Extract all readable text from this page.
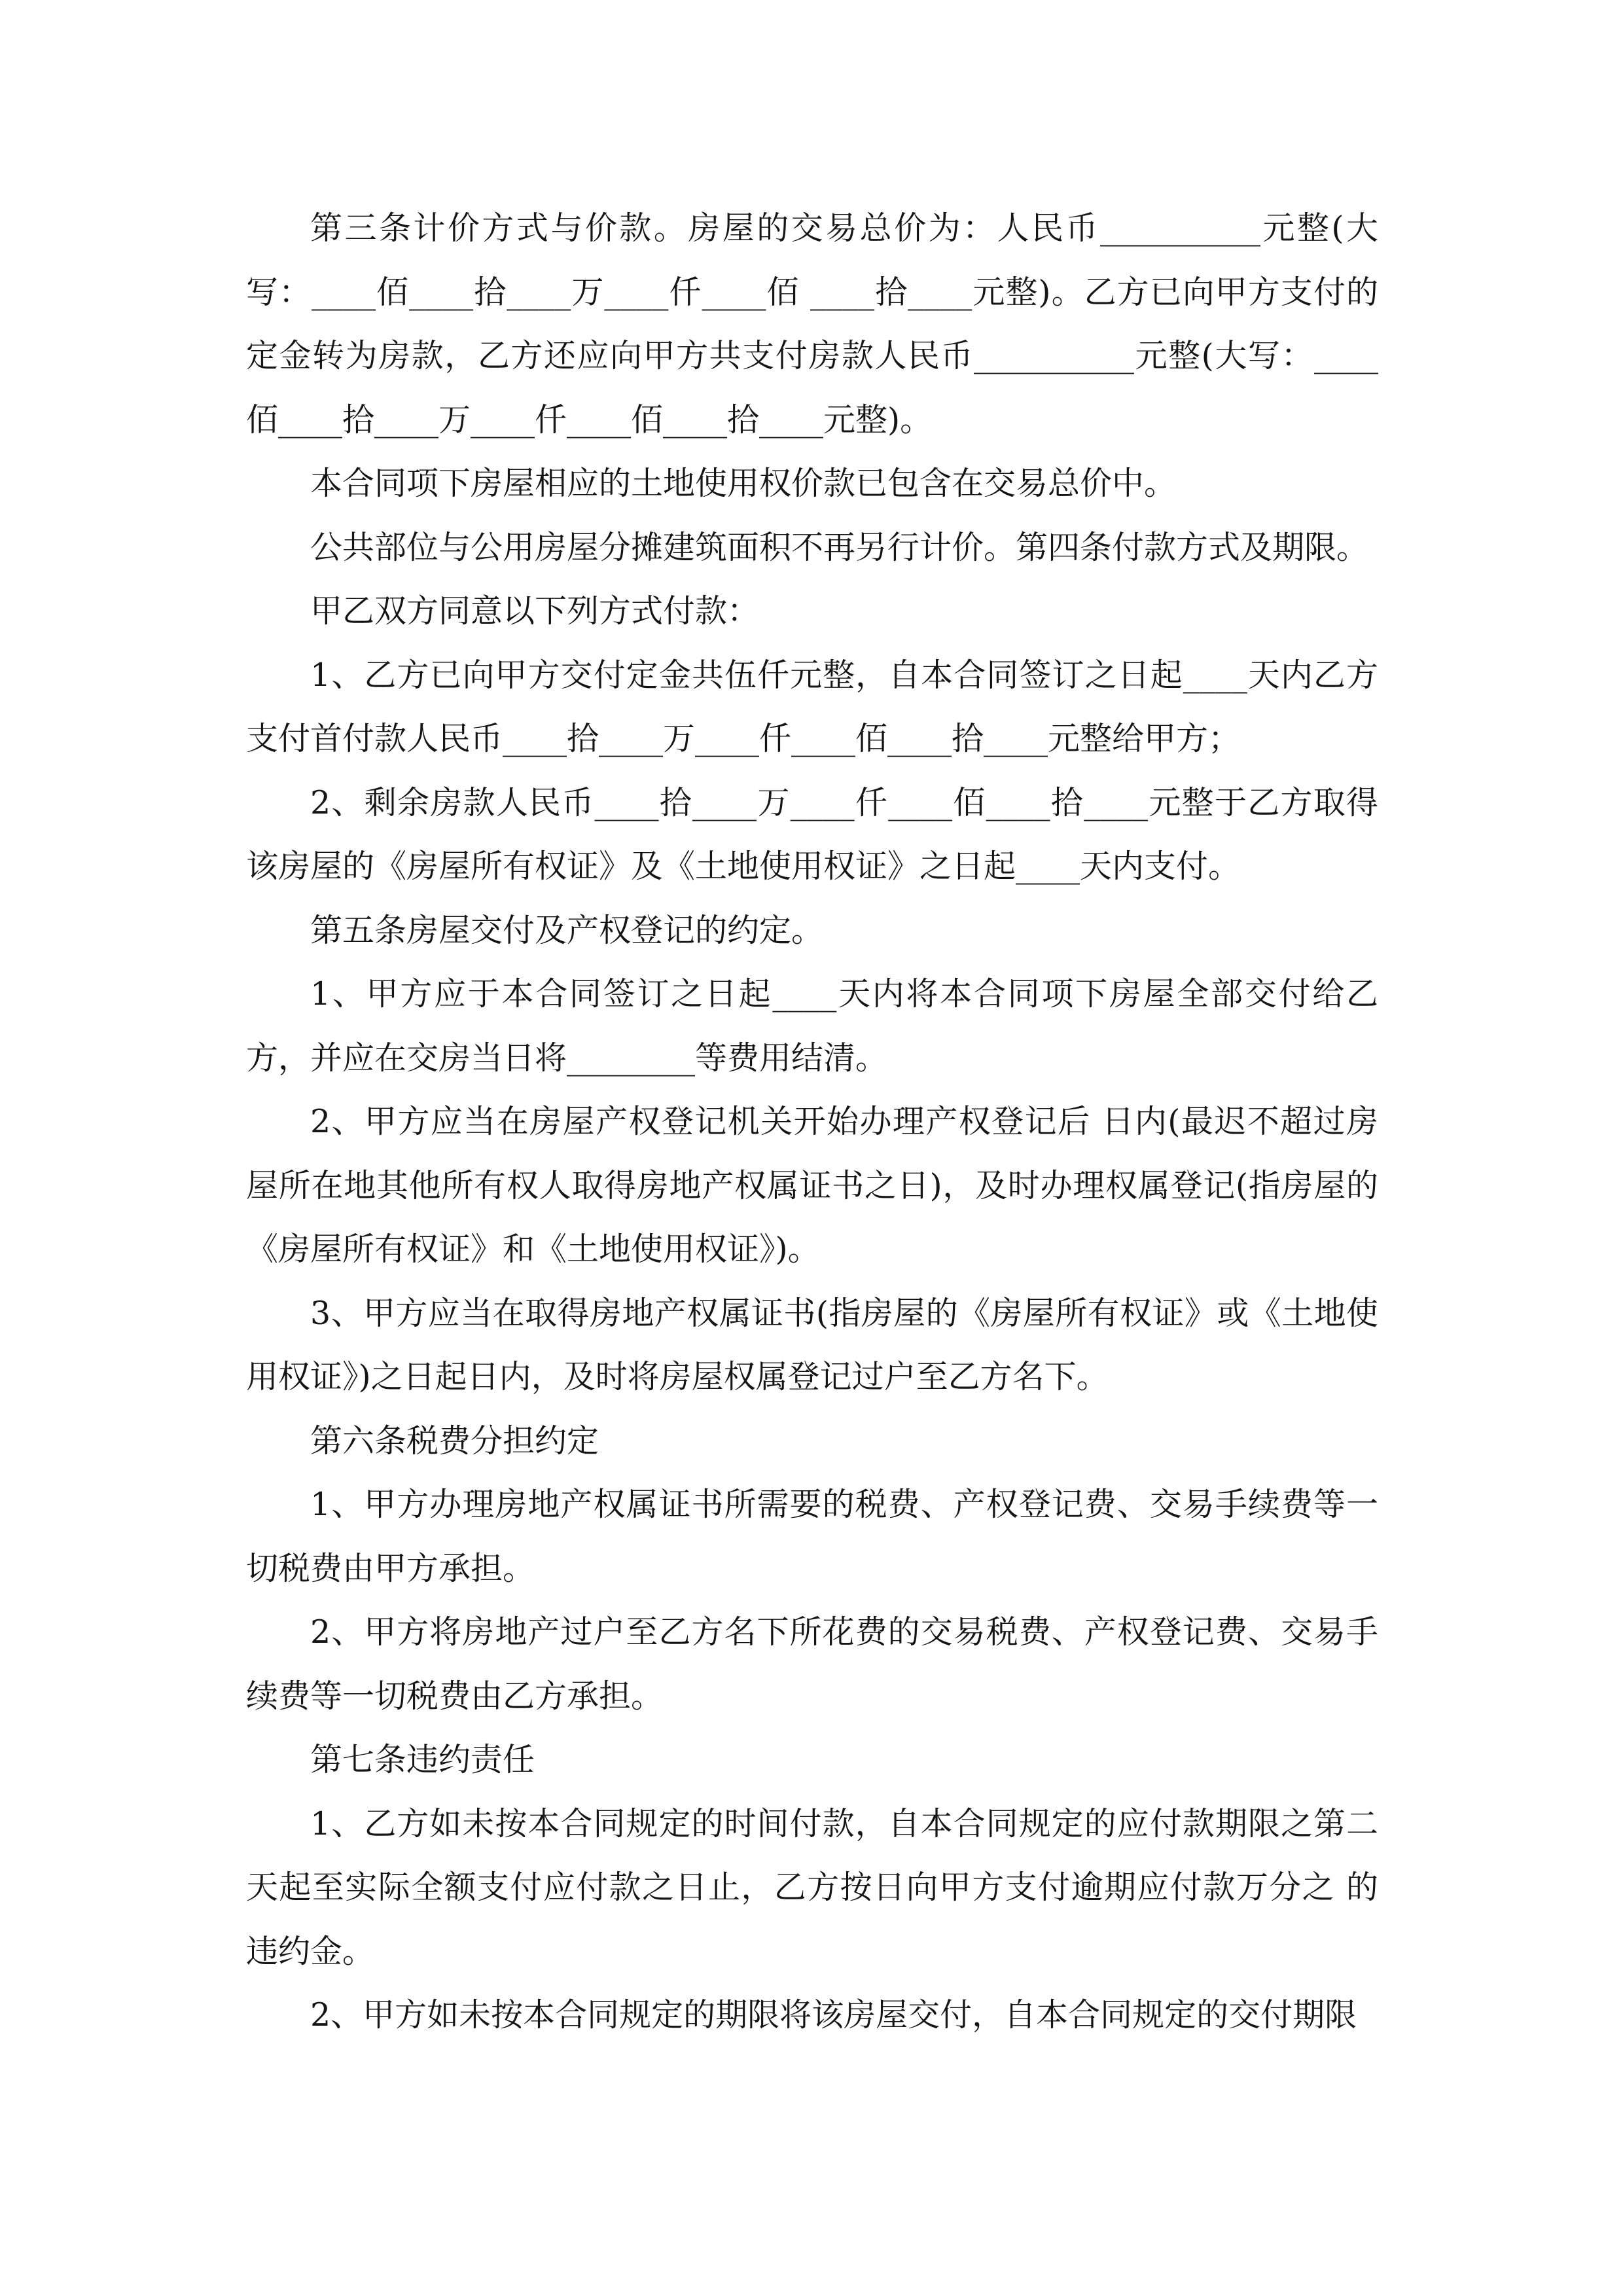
第三条计价方式与价款。房屋的交易总价为：人民币__________元整(大写：____佰____拾____万____仟____佰 ____拾____元整)。乙方已向甲方支付的定金转为房款，乙方还应向甲方共支付房款人民币__________元整(大写：____佰____拾____万____仟____佰____拾____元整)。

本合同项下房屋相应的土地使用权价款已包含在交易总价中。

公共部位与公用房屋分摊建筑面积不再另行计价。第四条付款方式及期限。

甲乙双方同意以下列方式付款：

1、乙方已向甲方交付定金共伍仟元整，自本合同签订之日起____天内乙方支付首付款人民币____拾____万____仟____佰____拾____元整给甲方；

2、剩余房款人民币____拾____万____仟____佰____拾____元整于乙方取得该房屋的《房屋所有权证》及《土地使用权证》之日起____天内支付。

第五条房屋交付及产权登记的约定。

1、甲方应于本合同签订之日起____天内将本合同项下房屋全部交付给乙方，并应在交房当日将________等费用结清。

2、甲方应当在房屋产权登记机关开始办理产权登记后 日内(最迟不超过房屋所在地其他所有权人取得房地产权属证书之日)，及时办理权属登记(指房屋的《房屋所有权证》和《土地使用权证》)。

3、甲方应当在取得房地产权属证书(指房屋的《房屋所有权证》或《土地使用权证》)之日起日内，及时将房屋权属登记过户至乙方名下。

第六条税费分担约定

1、甲方办理房地产权属证书所需要的税费、产权登记费、交易手续费等一切税费由甲方承担。

2、甲方将房地产过户至乙方名下所花费的交易税费、产权登记费、交易手续费等一切税费由乙方承担。

第七条违约责任

1、乙方如未按本合同规定的时间付款，自本合同规定的应付款期限之第二天起至实际全额支付应付款之日止，乙方按日向甲方支付逾期应付款万分之 的违约金。

2、甲方如未按本合同规定的期限将该房屋交付，自本合同规定的交付期限
